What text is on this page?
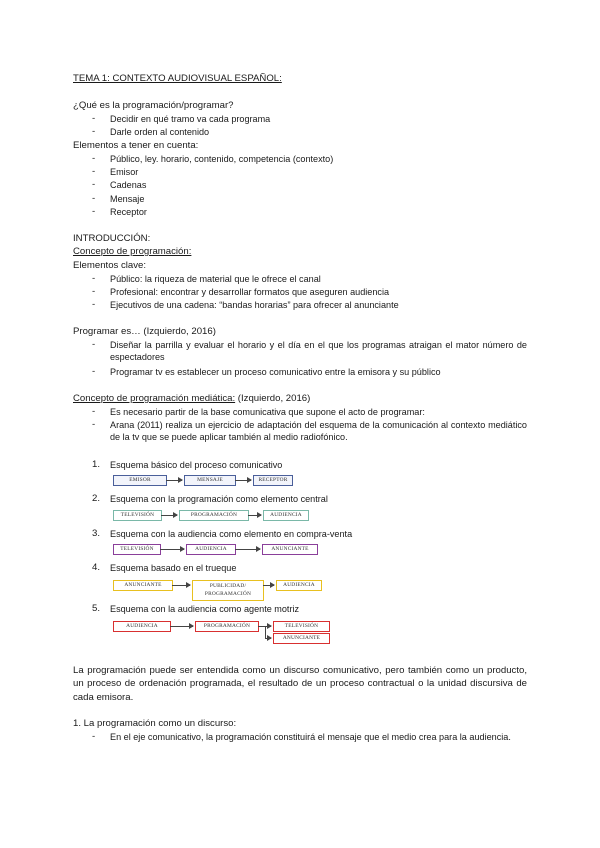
TEMA 1: CONTEXTO AUDIOVISUAL ESPAÑOL:
¿Qué es la programación/programar?
- Decidir en qué tramo va cada programa
- Darle orden al contenido
Elementos a tener en cuenta:
- Público, ley. horario, contenido, competencia (contexto)
- Emisor
- Cadenas
- Mensaje
- Receptor
INTRODUCCIÓN:
Concepto de programación:
Elementos clave:
- Público: la riqueza de material que le ofrece el canal
- Profesional: encontrar y desarrollar formatos que aseguren audiencia
- Ejecutivos de una cadena: “bandas horarias” para ofrecer al anunciante
Programar es… (Izquierdo, 2016)
- Diseñar la parrilla y evaluar el horario y el día en el que los programas atraigan el mator número de espectadores
- Programar tv es establecer un proceso comunicativo entre la emisora y su público
Concepto de programación mediática: (Izquierdo, 2016)
- Es necesario partir de la base comunicativa que supone el acto de programar:
- Arana (2011) realiza un ejercicio de adaptación del esquema de la comunicación al contexto mediático de la tv que se puede aplicar también al medio radiofónico.
1. Esquema básico del proceso comunicativo
EMISOR	MENSAJE	RECEPTOR
2. Esquema con la programación como elemento central
TELEVISIÓN	PROGRAMACIÓN	AUDIENCIA
3. Esquema con la audiencia como elemento en compra-venta
TELEVISIÓN	AUDIENCIA	ANUNCIANTE
4. Esquema basado en el trueque
ANUNCIANTE	PUBLICIDAD/ PROGRAMACIÓN
AUDIENCIA
5. Esquema con la audiencia como agente motriz
AUDIENCIA	PROGRAMACIÓN	TELEVISIÓN
ANUNCIANTE
La programación puede ser entendida como un discurso comunicativo, pero también como un producto, un proceso de ordenación programada, el resultado de un proceso contractual o la unidad discursiva de cada emisora.
1. La programación como un discurso:
- En el eje comunicativo, la programación constituirá el mensaje que el medio crea para la audiencia.
